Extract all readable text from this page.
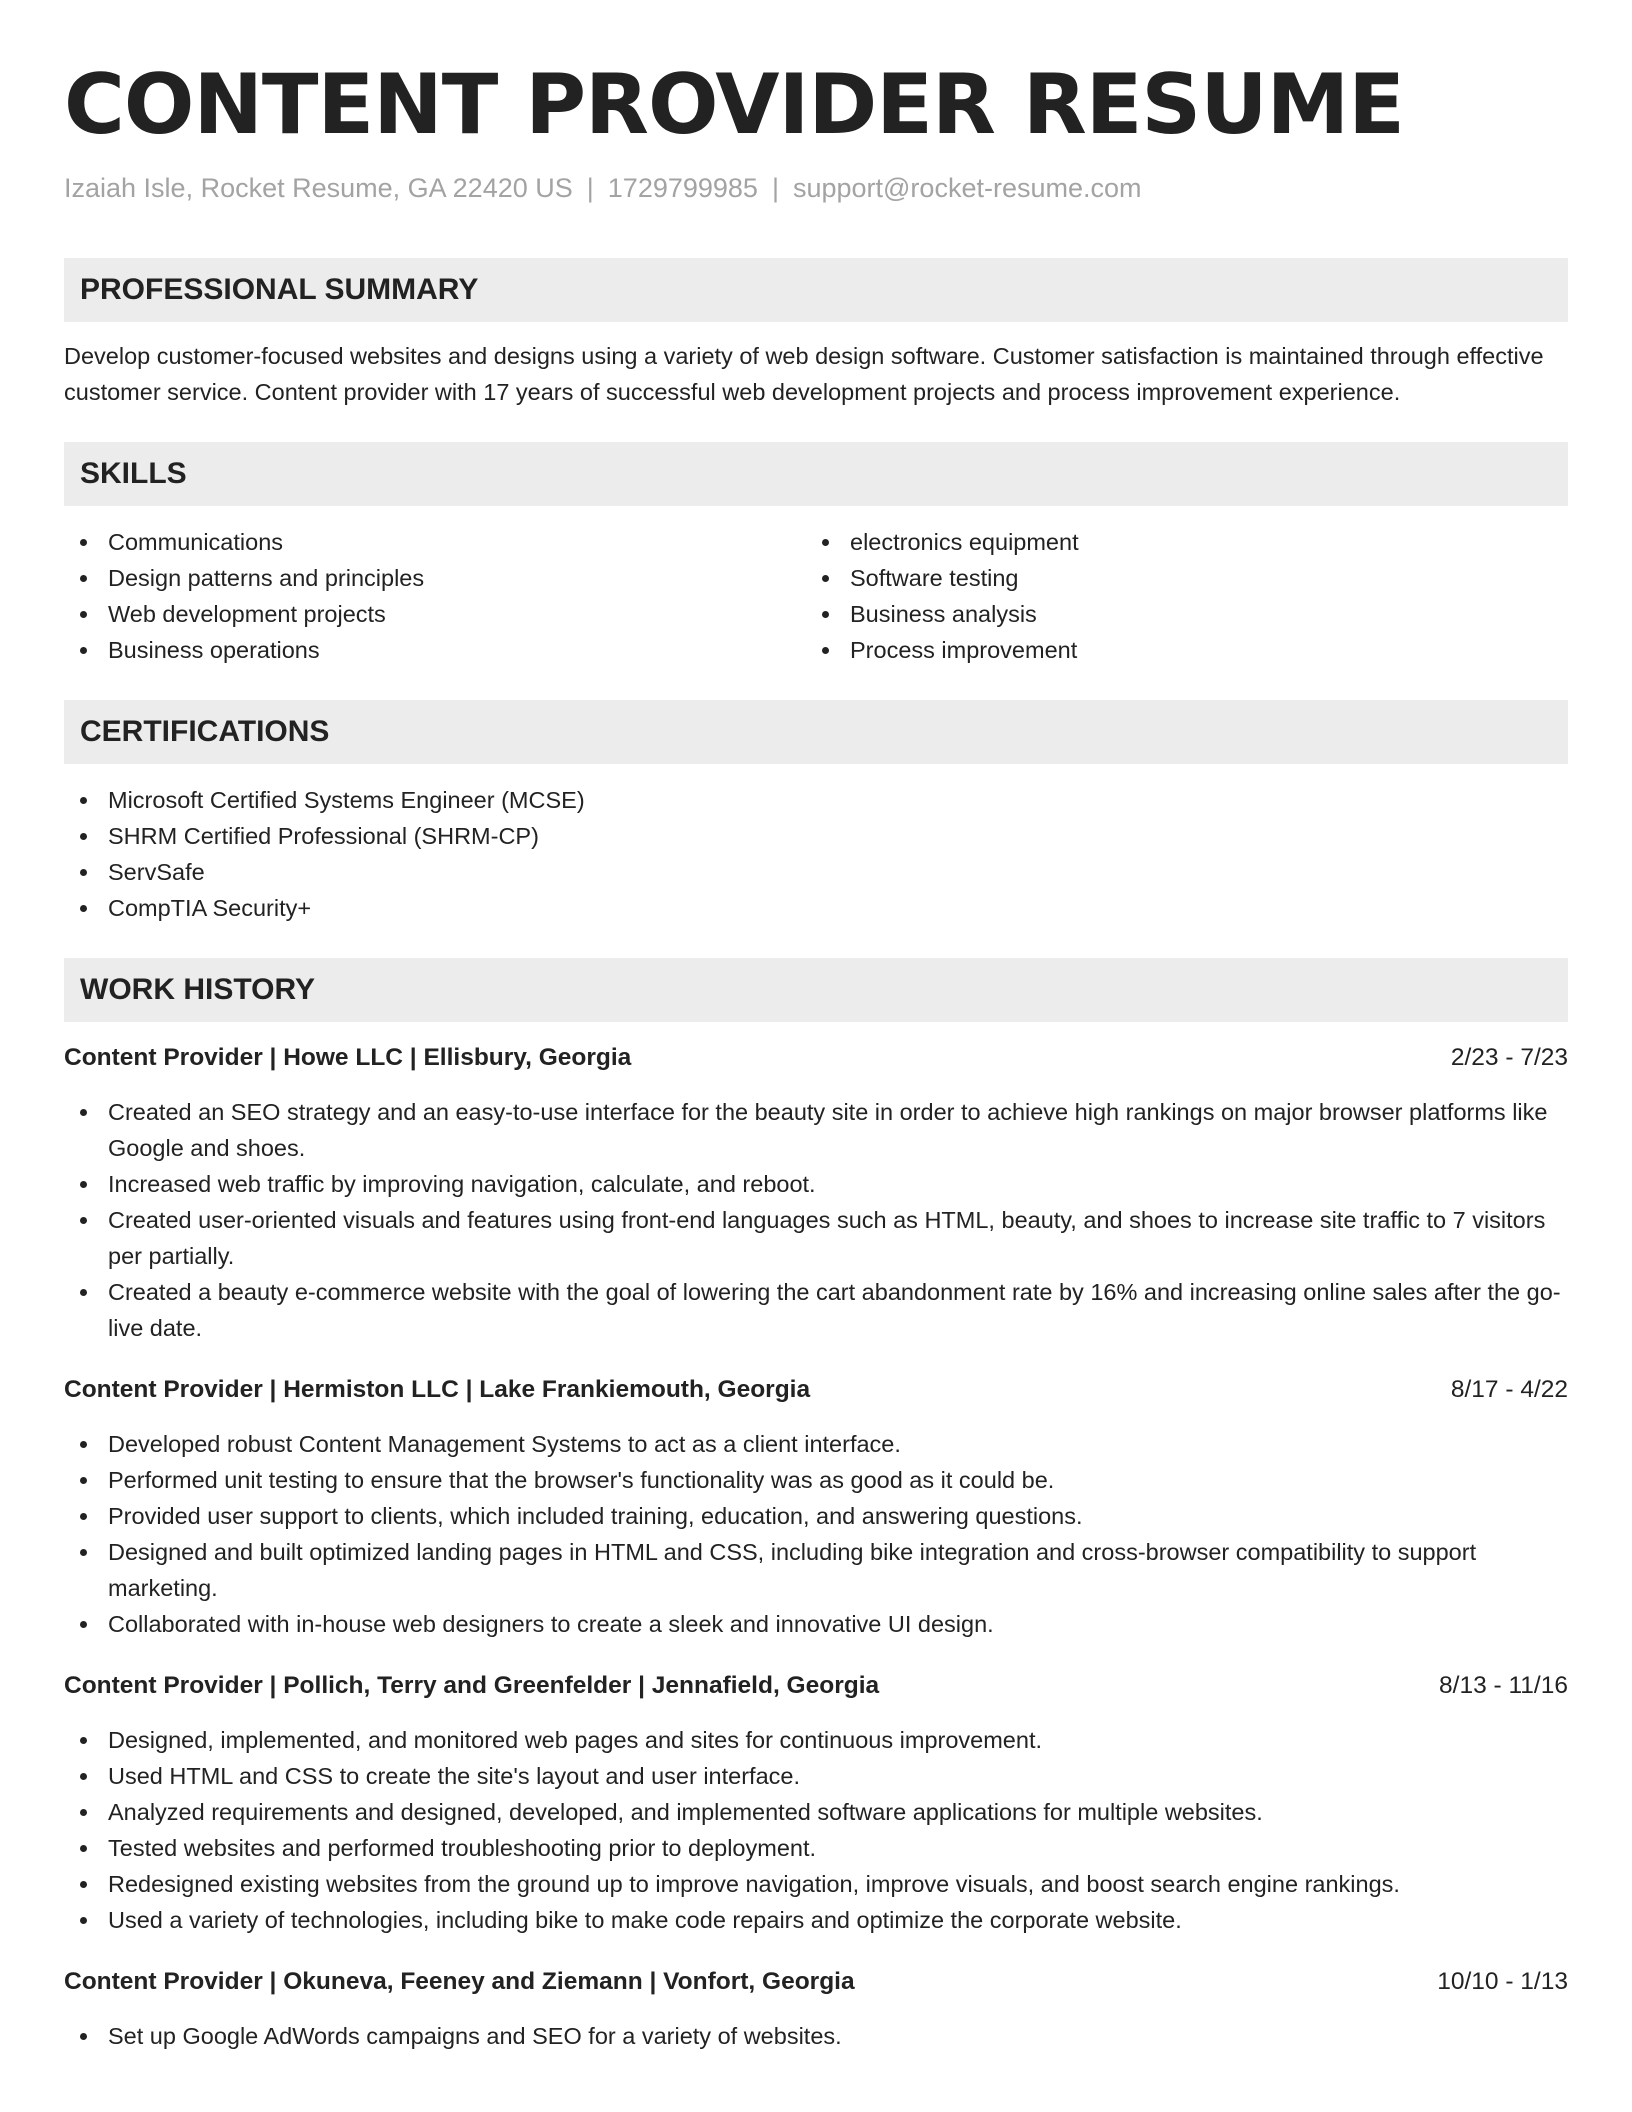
CONTENT PROVIDER RESUME
Izaiah Isle, Rocket Resume, GA 22420 US | 1729799985 | support@rocket-resume.com
PROFESSIONAL SUMMARY

Develop customer-focused websites and designs using a variety of web design software. Customer satisfaction is maintained through effective customer service. Content provider with 17 years of successful web development projects and process improvement experience.

SKILLS
Communications
Design patterns and principles
Web development projects
Business operations
electronics equipment
Software testing
Business analysis
Process improvement
CERTIFICATIONS
Microsoft Certified Systems Engineer (MCSE)
SHRM Certified Professional (SHRM-CP)
ServSafe
CompTIA Security+
WORK HISTORY
Content Provider | Howe LLC | Ellisbury, Georgia	2/23 - 7/23
Created an SEO strategy and an easy-to-use interface for the beauty site in order to achieve high rankings on major browser platforms like Google and shoes.
Increased web traffic by improving navigation, calculate, and reboot.
Created user-oriented visuals and features using front-end languages such as HTML, beauty, and shoes to increase site traffic to 7 visitors per partially.
Created a beauty e-commerce website with the goal of lowering the cart abandonment rate by 16% and increasing online sales after the go-live date.
Content Provider | Hermiston LLC | Lake Frankiemouth, Georgia	8/17 - 4/22
Developed robust Content Management Systems to act as a client interface.
Performed unit testing to ensure that the browser's functionality was as good as it could be.
Provided user support to clients, which included training, education, and answering questions.
Designed and built optimized landing pages in HTML and CSS, including bike integration and cross-browser compatibility to support marketing.
Collaborated with in-house web designers to create a sleek and innovative UI design.
Content Provider | Pollich, Terry and Greenfelder | Jennafield, Georgia	8/13 - 11/16
Designed, implemented, and monitored web pages and sites for continuous improvement.
Used HTML and CSS to create the site's layout and user interface.
Analyzed requirements and designed, developed, and implemented software applications for multiple websites.
Tested websites and performed troubleshooting prior to deployment.
Redesigned existing websites from the ground up to improve navigation, improve visuals, and boost search engine rankings.
Used a variety of technologies, including bike to make code repairs and optimize the corporate website.
Content Provider | Okuneva, Feeney and Ziemann | Vonfort, Georgia	10/10 - 1/13
Set up Google AdWords campaigns and SEO for a variety of websites.
